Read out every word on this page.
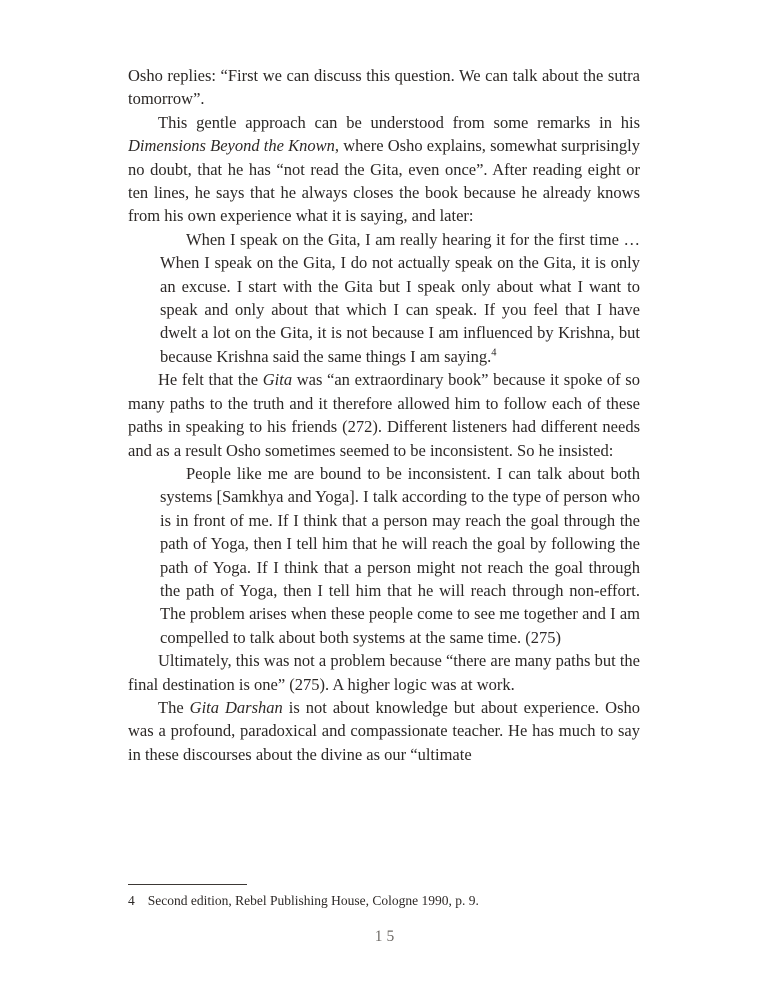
Osho replies: “First we can discuss this question. We can talk about the sutra tomorrow”.

This gentle approach can be understood from some remarks in his Dimensions Beyond the Known, where Osho explains, somewhat surprisingly no doubt, that he has “not read the Gita, even once”. After reading eight or ten lines, he says that he always closes the book because he already knows from his own experience what it is saying, and later:

When I speak on the Gita, I am really hearing it for the first time … When I speak on the Gita, I do not actually speak on the Gita, it is only an excuse. I start with the Gita but I speak only about what I want to speak and only about that which I can speak. If you feel that I have dwelt a lot on the Gita, it is not because I am influenced by Krishna, but because Krishna said the same things I am saying.$^4$

He felt that the Gita was “an extraordinary book” because it spoke of so many paths to the truth and it therefore allowed him to follow each of these paths in speaking to his friends (272). Different listeners had different needs and as a result Osho sometimes seemed to be inconsistent. So he insisted:

People like me are bound to be inconsistent. I can talk about both systems [Samkhya and Yoga]. I talk according to the type of person who is in front of me. If I think that a person may reach the goal through the path of Yoga, then I tell him that he will reach the goal by following the path of Yoga. If I think that a person might not reach the goal through the path of Yoga, then I tell him that he will reach through non-effort. The problem arises when these people come to see me together and I am compelled to talk about both systems at the same time. (275)

Ultimately, this was not a problem because “there are many paths but the final destination is one” (275). A higher logic was at work.

The Gita Darshan is not about knowledge but about experience. Osho was a profound, paradoxical and compassionate teacher. He has much to say in these discourses about the divine as our “ultimate

4 Second edition, Rebel Publishing House, Cologne 1990, p. 9.
15
